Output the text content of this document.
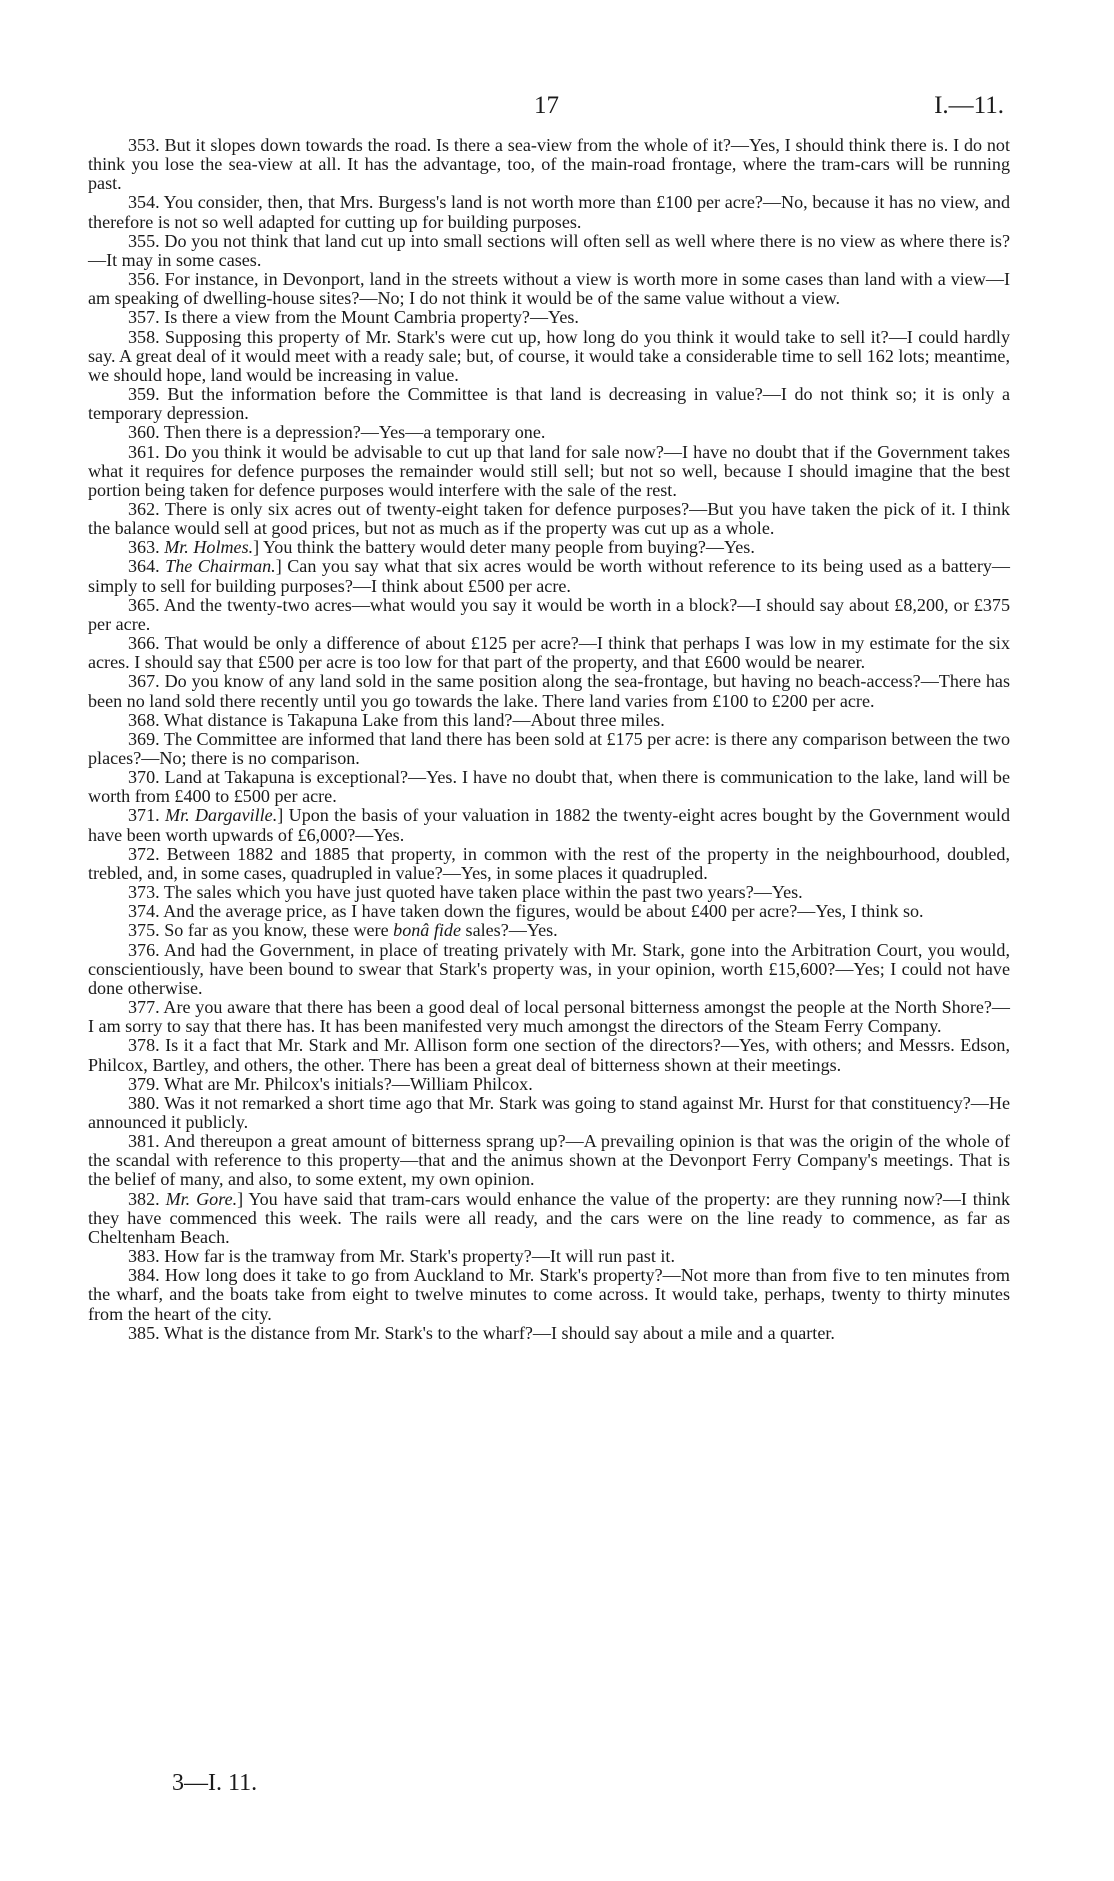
17	I.—11.

353. But it slopes down towards the road. Is there a sea-view from the whole of it?—Yes, I should think there is. I do not think you lose the sea-view at all. It has the advantage, too, of the main-road frontage, where the tram-cars will be running past.

354. You consider, then, that Mrs. Burgess's land is not worth more than £100 per acre?—No, because it has no view, and therefore is not so well adapted for cutting up for building purposes.

355. Do you not think that land cut up into small sections will often sell as well where there is no view as where there is?—It may in some cases.

356. For instance, in Devonport, land in the streets without a view is worth more in some cases than land with a view—I am speaking of dwelling-house sites?—No; I do not think it would be of the same value without a view.

357. Is there a view from the Mount Cambria property?—Yes.

358. Supposing this property of Mr. Stark's were cut up, how long do you think it would take to sell it?—I could hardly say. A great deal of it would meet with a ready sale; but, of course, it would take a considerable time to sell 162 lots; meantime, we should hope, land would be increasing in value.

359. But the information before the Committee is that land is decreasing in value?—I do not think so; it is only a temporary depression.

360. Then there is a depression?—Yes—a temporary one.

361. Do you think it would be advisable to cut up that land for sale now?—I have no doubt that if the Government takes what it requires for defence purposes the remainder would still sell; but not so well, because I should imagine that the best portion being taken for defence purposes would interfere with the sale of the rest.

362. There is only six acres out of twenty-eight taken for defence purposes?—But you have taken the pick of it. I think the balance would sell at good prices, but not as much as if the property was cut up as a whole.

363. Mr. Holmes.] You think the battery would deter many people from buying?—Yes.

364. The Chairman.] Can you say what that six acres would be worth without reference to its being used as a battery—simply to sell for building purposes?—I think about £500 per acre.

365. And the twenty-two acres—what would you say it would be worth in a block?—I should say about £8,200, or £375 per acre.

366. That would be only a difference of about £125 per acre?—I think that perhaps I was low in my estimate for the six acres. I should say that £500 per acre is too low for that part of the property, and that £600 would be nearer.

367. Do you know of any land sold in the same position along the sea-frontage, but having no beach-access?—There has been no land sold there recently until you go towards the lake. There land varies from £100 to £200 per acre.

368. What distance is Takapuna Lake from this land?—About three miles.

369. The Committee are informed that land there has been sold at £175 per acre: is there any comparison between the two places?—No; there is no comparison.

370. Land at Takapuna is exceptional?—Yes. I have no doubt that, when there is communication to the lake, land will be worth from £400 to £500 per acre.

371. Mr. Dargaville.] Upon the basis of your valuation in 1882 the twenty-eight acres bought by the Government would have been worth upwards of £6,000?—Yes.

372. Between 1882 and 1885 that property, in common with the rest of the property in the neighbourhood, doubled, trebled, and, in some cases, quadrupled in value?—Yes, in some places it quadrupled.

373. The sales which you have just quoted have taken place within the past two years?—Yes.

374. And the average price, as I have taken down the figures, would be about £400 per acre?—Yes, I think so.

375. So far as you know, these were bonâ fide sales?—Yes.

376. And had the Government, in place of treating privately with Mr. Stark, gone into the Arbitration Court, you would, conscientiously, have been bound to swear that Stark's property was, in your opinion, worth £15,600?—Yes; I could not have done otherwise.

377. Are you aware that there has been a good deal of local personal bitterness amongst the people at the North Shore?—I am sorry to say that there has. It has been manifested very much amongst the directors of the Steam Ferry Company.

378. Is it a fact that Mr. Stark and Mr. Allison form one section of the directors?—Yes, with others; and Messrs. Edson, Philcox, Bartley, and others, the other. There has been a great deal of bitterness shown at their meetings.

379. What are Mr. Philcox's initials?—William Philcox.

380. Was it not remarked a short time ago that Mr. Stark was going to stand against Mr. Hurst for that constituency?—He announced it publicly.

381. And thereupon a great amount of bitterness sprang up?—A prevailing opinion is that was the origin of the whole of the scandal with reference to this property—that and the animus shown at the Devonport Ferry Company's meetings. That is the belief of many, and also, to some extent, my own opinion.

382. Mr. Gore.] You have said that tram-cars would enhance the value of the property: are they running now?—I think they have commenced this week. The rails were all ready, and the cars were on the line ready to commence, as far as Cheltenham Beach.

383. How far is the tramway from Mr. Stark's property?—It will run past it.

384. How long does it take to go from Auckland to Mr. Stark's property?—Not more than from five to ten minutes from the wharf, and the boats take from eight to twelve minutes to come across. It would take, perhaps, twenty to thirty minutes from the heart of the city.

385. What is the distance from Mr. Stark's to the wharf?—I should say about a mile and a quarter.

3—I. 11.
